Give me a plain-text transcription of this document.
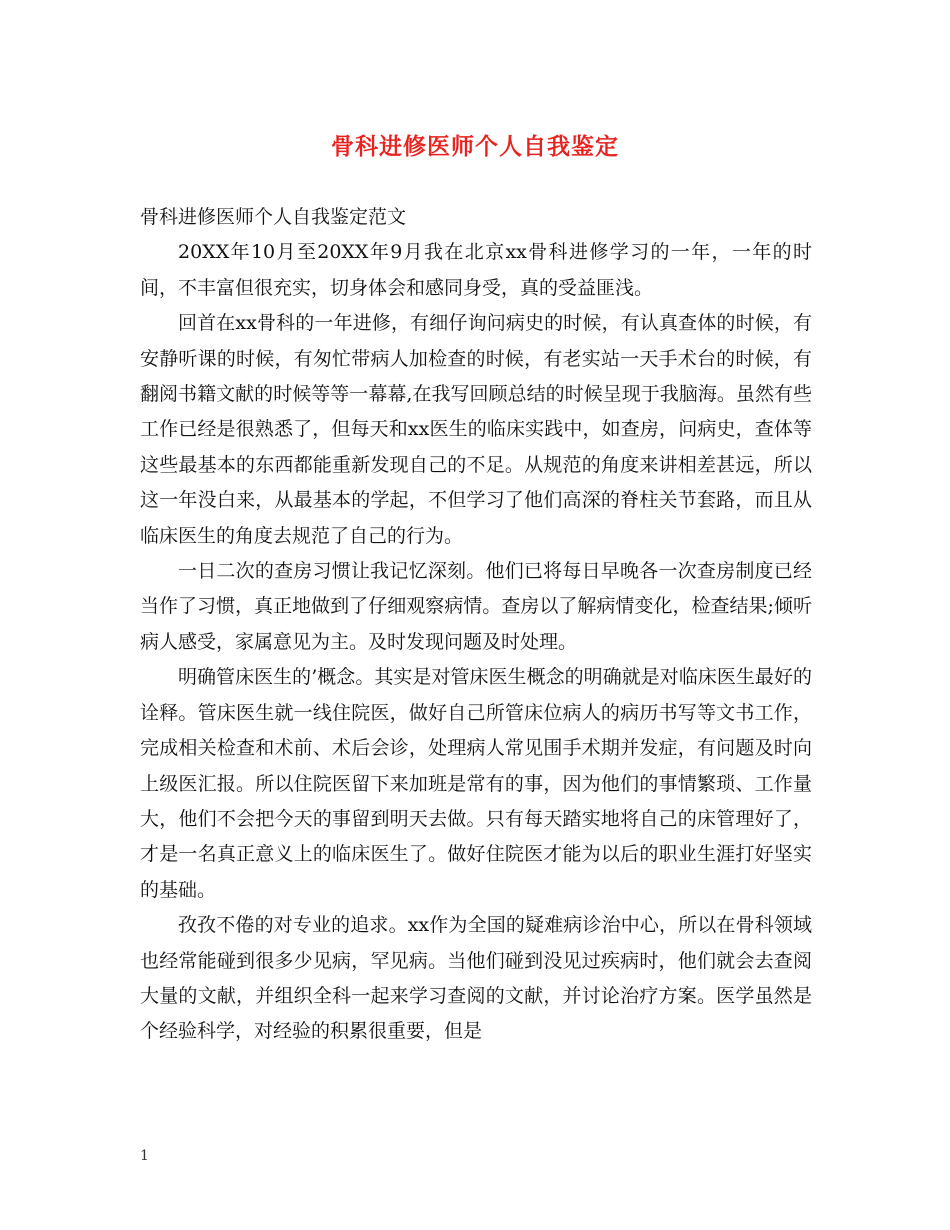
骨科进修医师个人自我鉴定

骨科进修医师个人自我鉴定范文

20XX年10月至20XX年9月我在北京xx骨科进修学习的一年，一年的时间，不丰富但很充实，切身体会和感同身受，真的受益匪浅。

回首在xx骨科的一年进修，有细仔询问病史的时候，有认真查体的时候，有安静听课的时候，有匆忙带病人加检查的时候，有老实站一天手术台的时候，有翻阅书籍文献的时候等等一幕幕,在我写回顾总结的时候呈现于我脑海。虽然有些工作已经是很熟悉了，但每天和xx医生的临床实践中，如查房，问病史，查体等这些最基本的东西都能重新发现自己的不足。从规范的角度来讲相差甚远，所以这一年没白来，从最基本的学起，不但学习了他们高深的脊柱关节套路，而且从临床医生的角度去规范了自己的行为。

一日二次的查房习惯让我记忆深刻。他们已将每日早晚各一次查房制度已经当作了习惯，真正地做到了仔细观察病情。查房以了解病情变化，检查结果;倾听病人感受，家属意见为主。及时发现问题及时处理。

明确管床医生的’概念。其实是对管床医生概念的明确就是对临床医生最好的诠释。管床医生就一线住院医，做好自己所管床位病人的病历书写等文书工作，完成相关检查和术前、术后会诊，处理病人常见围手术期并发症，有问题及时向上级医汇报。所以住院医留下来加班是常有的事，因为他们的事情繁琐、工作量大，他们不会把今天的事留到明天去做。只有每天踏实地将自己的床管理好了，才是一名真正意义上的临床医生了。做好住院医才能为以后的职业生涯打好坚实的基础。

孜孜不倦的对专业的追求。xx作为全国的疑难病诊治中心，所以在骨科领域也经常能碰到很多少见病，罕见病。当他们碰到没见过疾病时，他们就会去查阅大量的文献，并组织全科一起来学习查阅的文献，并讨论治疗方案。医学虽然是个经验科学，对经验的积累很重要，但是

1
